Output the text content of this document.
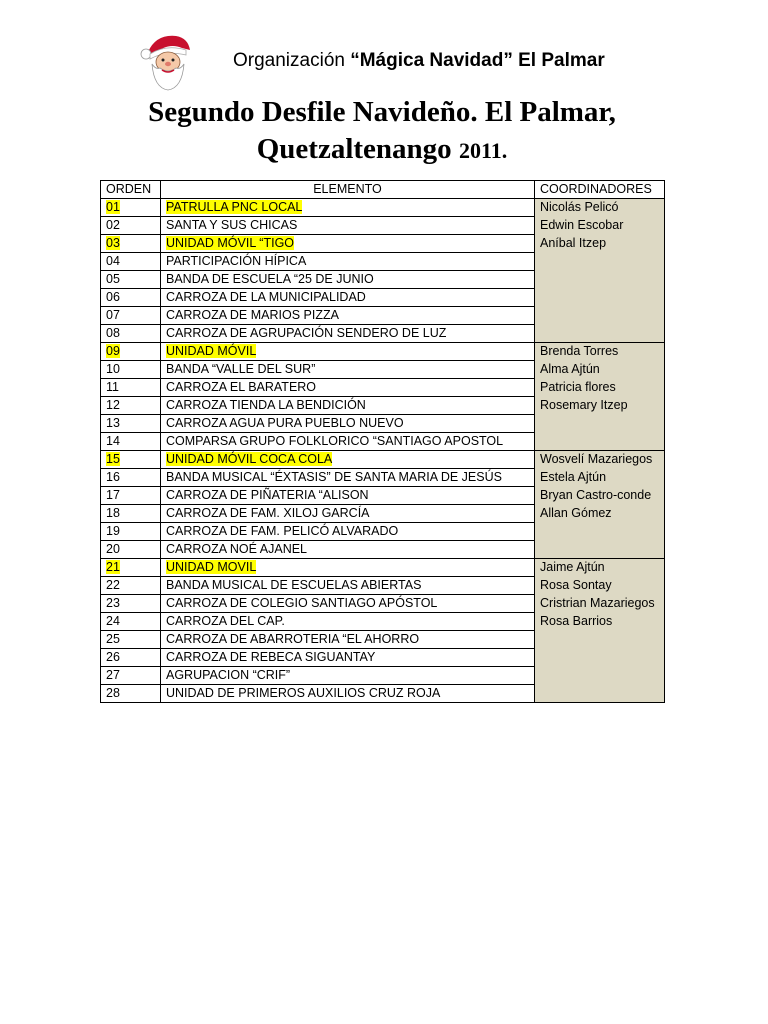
Organización “Mágica Navidad” El Palmar
Segundo Desfile Navideño. El Palmar,
Quetzaltenango 2011.
ORDEN	ELEMENTO	COORDINADORES
01	PATRULLA PNC LOCAL	Nicolás Pelicó
Edwin Escobar
Aníbal Itzep

02	SANTA Y SUS CHICAS	
03	UNIDAD MÓVIL “TIGO	
04	PARTICIPACIÓN HÍPICA	
05	BANDA DE ESCUELA “25 DE JUNIO	
06	CARROZA DE LA MUNICIPALIDAD	
07	CARROZA DE MARIOS PIZZA	
08	CARROZA DE AGRUPACIÓN SENDERO DE LUZ	
09	UNIDAD MÓVIL	Brenda Torres
Alma Ajtún
Patricia flores
Rosemary Itzep

10	BANDA “VALLE DEL SUR”	
11	CARROZA EL BARATERO	
12	CARROZA TIENDA LA BENDICIÓN	
13	CARROZA AGUA PURA PUEBLO NUEVO	
14	COMPARSA GRUPO FOLKLORICO “SANTIAGO APOSTOL	
15	UNIDAD MÓVIL COCA COLA	Wosvelí Mazariegos
Estela Ajtún
Bryan Castro-conde
Allan Gómez

16	BANDA MUSICAL “ÉXTASIS” DE SANTA MARIA DE JESÚS	
17	CARROZA DE PIÑATERIA “ALISON	
18	CARROZA DE FAM. XILOJ GARCÍA	
19	CARROZA DE FAM. PELICÓ ALVARADO	
20	CARROZA NOÉ AJANEL	
21	UNIDAD MOVIL	Jaime Ajtún
Rosa Sontay
Cristrian Mazariegos
Rosa Barrios

22	BANDA MUSICAL DE ESCUELAS ABIERTAS	
23	CARROZA DE COLEGIO SANTIAGO APÓSTOL	
24	CARROZA DEL CAP.	
25	CARROZA DE ABARROTERIA “EL AHORRO	
26	CARROZA DE REBECA SIGUANTAY	
27	AGRUPACION “CRIF”	
28	UNIDAD DE PRIMEROS AUXILIOS CRUZ ROJA	
